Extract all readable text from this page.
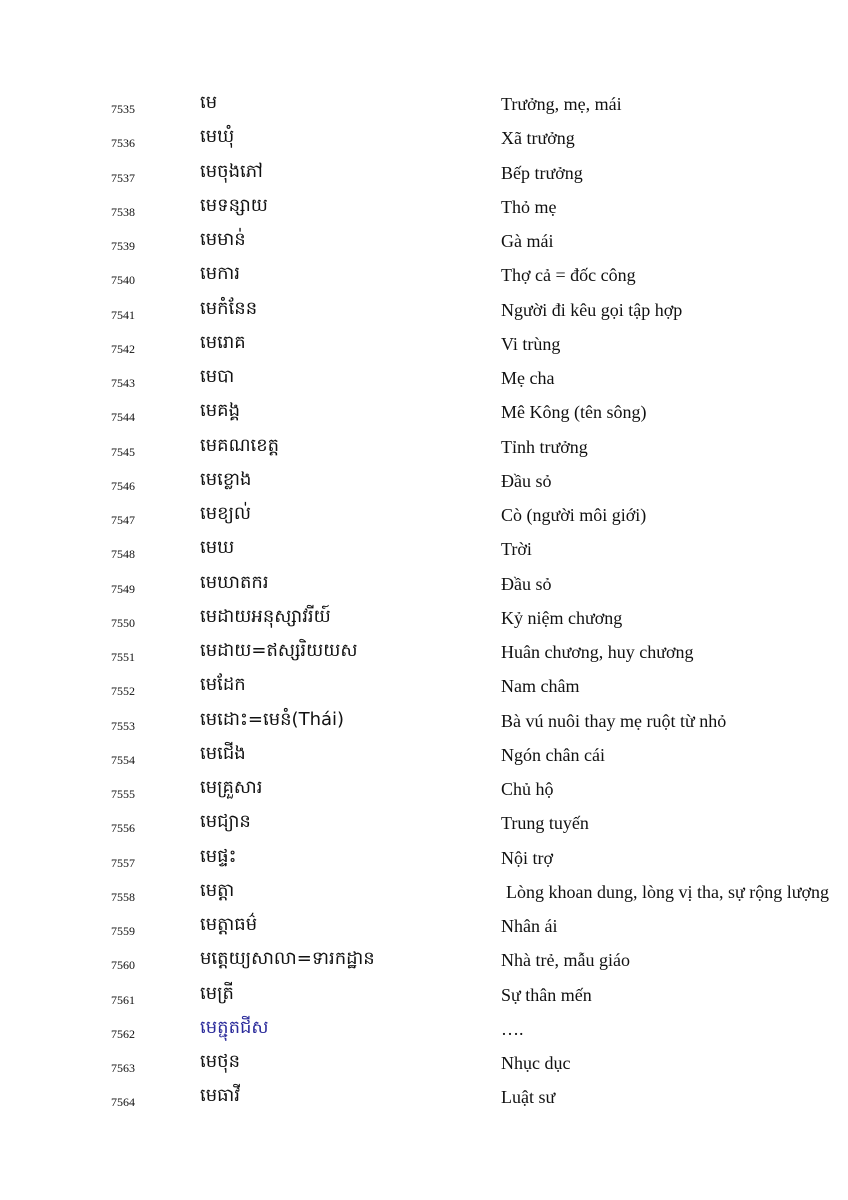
7535	មេ	Trưởng, mẹ, mái
7536	មេឃុំ	Xã trưởng
7537	មេចុងភៅ	Bếp trưởng
7538	មេទន្សាយ	Thỏ mẹ
7539	មេមាន់	Gà mái
7540	មេការ	Thợ cả = đốc công
7541	មេកំនែន	Người đi kêu gọi tập hợp
7542	មេរោគ	Vi trùng
7543	មេបា	Mẹ cha
7544	មេគង្គ	Mê Kông (tên sông)
7545	មេគណខេត្ត	Tỉnh trưởng
7546	មេខ្លោង	Đầu sỏ
7547	មេខ្យល់	Cò (người môi giới)
7548	មេឃ	Trời
7549	មេឃាតករ	Đầu sỏ
7550	មេដាយអនុស្សាវរីយ៍	Kỷ niệm chương
7551	មេដាយ=ឥស្សរិយយស	Huân chương, huy chương
7552	មេដែក	Nam châm
7553	មេដោះ=មេនំ(Thái)	Bà vú nuôi thay mẹ ruột từ nhỏ
7554	មេជើង	Ngón chân cái
7555	មេគ្រួសារ	Chủ hộ
7556	មេជ្យាន	Trung tuyến
7557	មេផ្ទះ	Nội trợ
7558	មេត្តា	Lòng khoan dung, lòng vị tha, sự rộng lượng
7559	មេត្តាធម៌	Nhân ái
7560	មត្តេយ្យសាលា=ទារកដ្ឋាន	Nhà trẻ, mẫu giáo
7561	មេត្រី	Sự thân mến
7562	មេត្ជុតជីស	….
7563	មេថុន	Nhục dục
7564	មេធាវី	Luật sư
